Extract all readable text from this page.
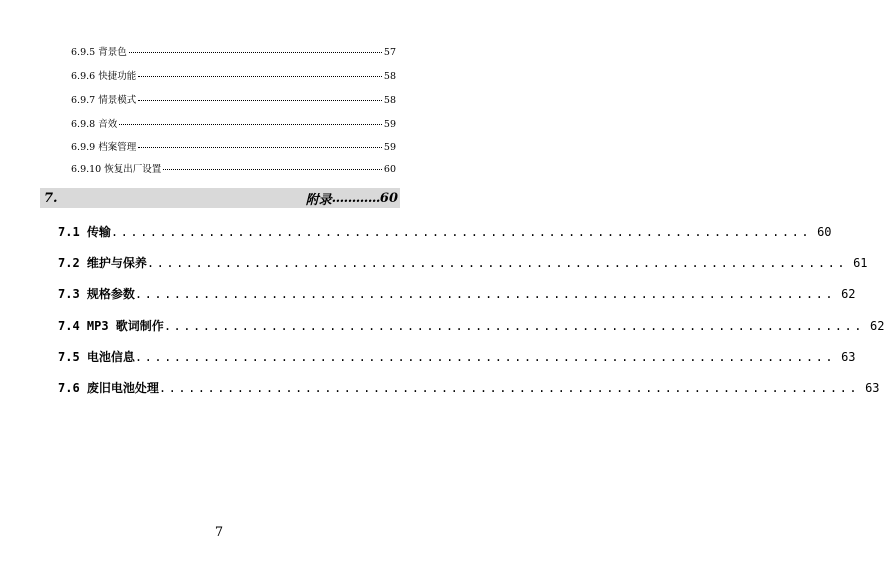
6.9.5 背景色	57
6.9.6 快捷功能	58
6.9.7 情景模式	58
6.9.8 音效	59
6.9.9 档案管理	59
6.9.10 恢复出厂设置	60
7.	附录 ............ 60
7.1 传输 ........................................................................ 60
7.2 维护与保养 ........................................................................ 61
7.3 规格参数 ........................................................................ 62
7.4 MP3 歌词制作 ........................................................................ 62
7.5 电池信息 ........................................................................ 63
7.6 废旧电池处理 ........................................................................ 63
7
